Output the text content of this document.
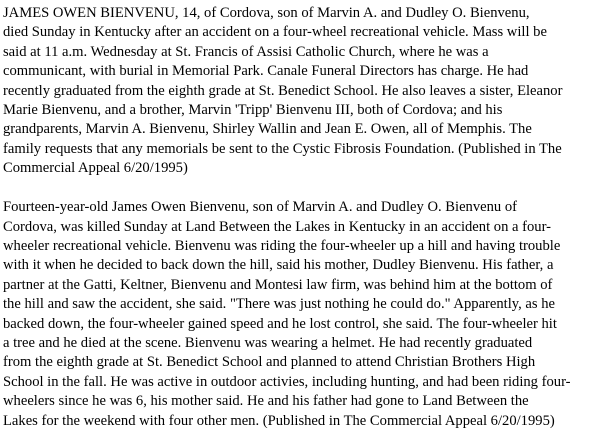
JAMES OWEN BIENVENU, 14, of Cordova, son of Marvin A. and Dudley O. Bienvenu,
died Sunday in Kentucky after an accident on a four-wheel recreational vehicle. Mass will be
said at 11 a.m. Wednesday at St. Francis of Assisi Catholic Church, where he was a
communicant, with burial in Memorial Park. Canale Funeral Directors has charge. He had
recently graduated from the eighth grade at St. Benedict School. He also leaves a sister, Eleanor
Marie Bienvenu, and a brother, Marvin 'Tripp' Bienvenu III, both of Cordova; and his
grandparents, Marvin A. Bienvenu, Shirley Wallin and Jean E. Owen, all of Memphis. The
family requests that any memorials be sent to the Cystic Fibrosis Foundation. (Published in The
Commercial Appeal 6/20/1995)

Fourteen-year-old James Owen Bienvenu, son of Marvin A. and Dudley O. Bienvenu of
Cordova, was killed Sunday at Land Between the Lakes in Kentucky in an accident on a four-
wheeler recreational vehicle. Bienvenu was riding the four-wheeler up a hill and having trouble
with it when he decided to back down the hill, said his mother, Dudley Bienvenu. His father, a
partner at the Gatti, Keltner, Bienvenu and Montesi law firm, was behind him at the bottom of
the hill and saw the accident, she said. "There was just nothing he could do." Apparently, as he
backed down, the four-wheeler gained speed and he lost control, she said. The four-wheeler hit
a tree and he died at the scene. Bienvenu was wearing a helmet. He had recently graduated
from the eighth grade at St. Benedict School and planned to attend Christian Brothers High
School in the fall. He was active in outdoor activies, including hunting, and had been riding four-
wheelers since he was 6, his mother said. He and his father had gone to Land Between the
Lakes for the weekend with four other men. (Published in The Commercial Appeal 6/20/1995)
